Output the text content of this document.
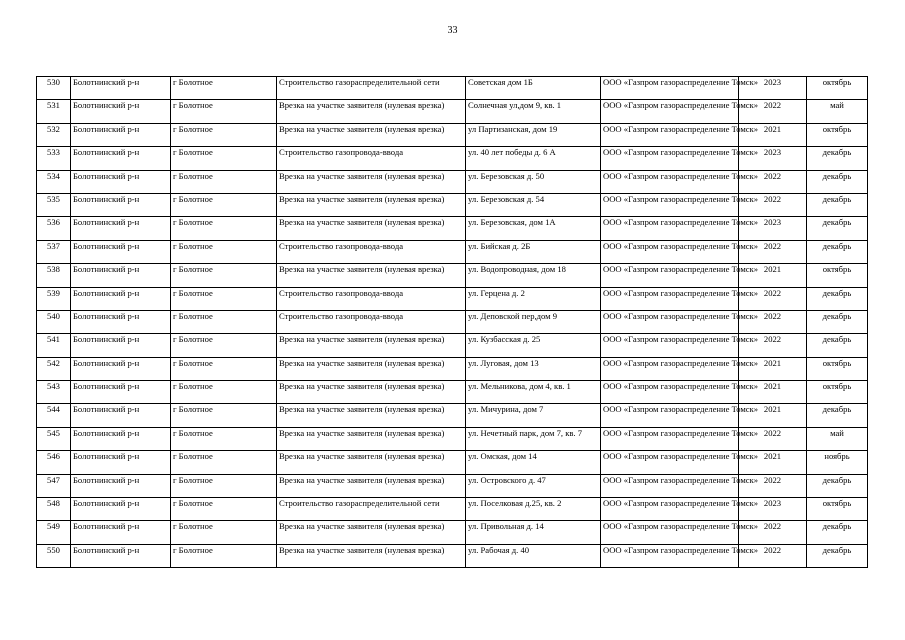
33
530	Болотнинский р-н	г Болотное	Строительство газораспределительной сети	Советская дом 1Б	ООО «Газпром газораспределение Томск»	2023	октябрь
531	Болотнинский р-н	г Болотное	Врезка на участке заявителя (нулевая врезка)	Солнечная ул,дом 9, кв. 1	ООО «Газпром газораспределение Томск»	2022	май
532	Болотнинский р-н	г Болотное	Врезка на участке заявителя (нулевая врезка)	ул Партизанская, дом 19	ООО «Газпром газораспределение Томск»	2021	октябрь
533	Болотнинский р-н	г Болотное	Строительство газопровода-ввода	ул. 40 лет победы д. 6 А	ООО «Газпром газораспределение Томск»	2023	декабрь
534	Болотнинский р-н	г Болотное	Врезка на участке заявителя (нулевая врезка)	ул. Березовская д. 50	ООО «Газпром газораспределение Томск»	2022	декабрь
535	Болотнинский р-н	г Болотное	Врезка на участке заявителя (нулевая врезка)	ул. Березовская д. 54	ООО «Газпром газораспределение Томск»	2022	декабрь
536	Болотнинский р-н	г Болотное	Врезка на участке заявителя (нулевая врезка)	ул. Березовская, дом 1А	ООО «Газпром газораспределение Томск»	2023	декабрь
537	Болотнинский р-н	г Болотное	Строительство газопровода-ввода	ул. Бийская д. 2Б	ООО «Газпром газораспределение Томск»	2022	декабрь
538	Болотнинский р-н	г Болотное	Врезка на участке заявителя (нулевая врезка)	ул. Водопроводная, дом 18	ООО «Газпром газораспределение Томск»	2021	октябрь
539	Болотнинский р-н	г Болотное	Строительство газопровода-ввода	ул. Герцена д. 2	ООО «Газпром газораспределение Томск»	2022	декабрь
540	Болотнинский р-н	г Болотное	Строительство газопровода-ввода	ул. Деповской пер,дом 9	ООО «Газпром газораспределение Томск»	2022	декабрь
541	Болотнинский р-н	г Болотное	Врезка на участке заявителя (нулевая врезка)	ул. Кузбасская д. 25	ООО «Газпром газораспределение Томск»	2022	декабрь
542	Болотнинский р-н	г Болотное	Врезка на участке заявителя (нулевая врезка)	ул. Луговая, дом 13	ООО «Газпром газораспределение Томск»	2021	октябрь
543	Болотнинский р-н	г Болотное	Врезка на участке заявителя (нулевая врезка)	ул. Мельникова, дом 4, кв. 1	ООО «Газпром газораспределение Томск»	2021	октябрь
544	Болотнинский р-н	г Болотное	Врезка на участке заявителя (нулевая врезка)	ул. Мичурина, дом 7	ООО «Газпром газораспределение Томск»	2021	декабрь
545	Болотнинский р-н	г Болотное	Врезка на участке заявителя (нулевая врезка)	ул. Нечетный парк, дом 7, кв. 7	ООО «Газпром газораспределение Томск»	2022	май
546	Болотнинский р-н	г Болотное	Врезка на участке заявителя (нулевая врезка)	ул. Омская, дом 14	ООО «Газпром газораспределение Томск»	2021	ноябрь
547	Болотнинский р-н	г Болотное	Врезка на участке заявителя (нулевая врезка)	ул. Островского д. 47	ООО «Газпром газораспределение Томск»	2022	декабрь
548	Болотнинский р-н	г Болотное	Строительство газораспределительной сети	ул. Поселковая д.25, кв. 2	ООО «Газпром газораспределение Томск»	2023	октябрь
549	Болотнинский р-н	г Болотное	Врезка на участке заявителя (нулевая врезка)	ул. Привольная д. 14	ООО «Газпром газораспределение Томск»	2022	декабрь
550	Болотнинский р-н	г Болотное	Врезка на участке заявителя (нулевая врезка)	ул. Рабочая д. 40	ООО «Газпром газораспределение Томск»	2022	декабрь
